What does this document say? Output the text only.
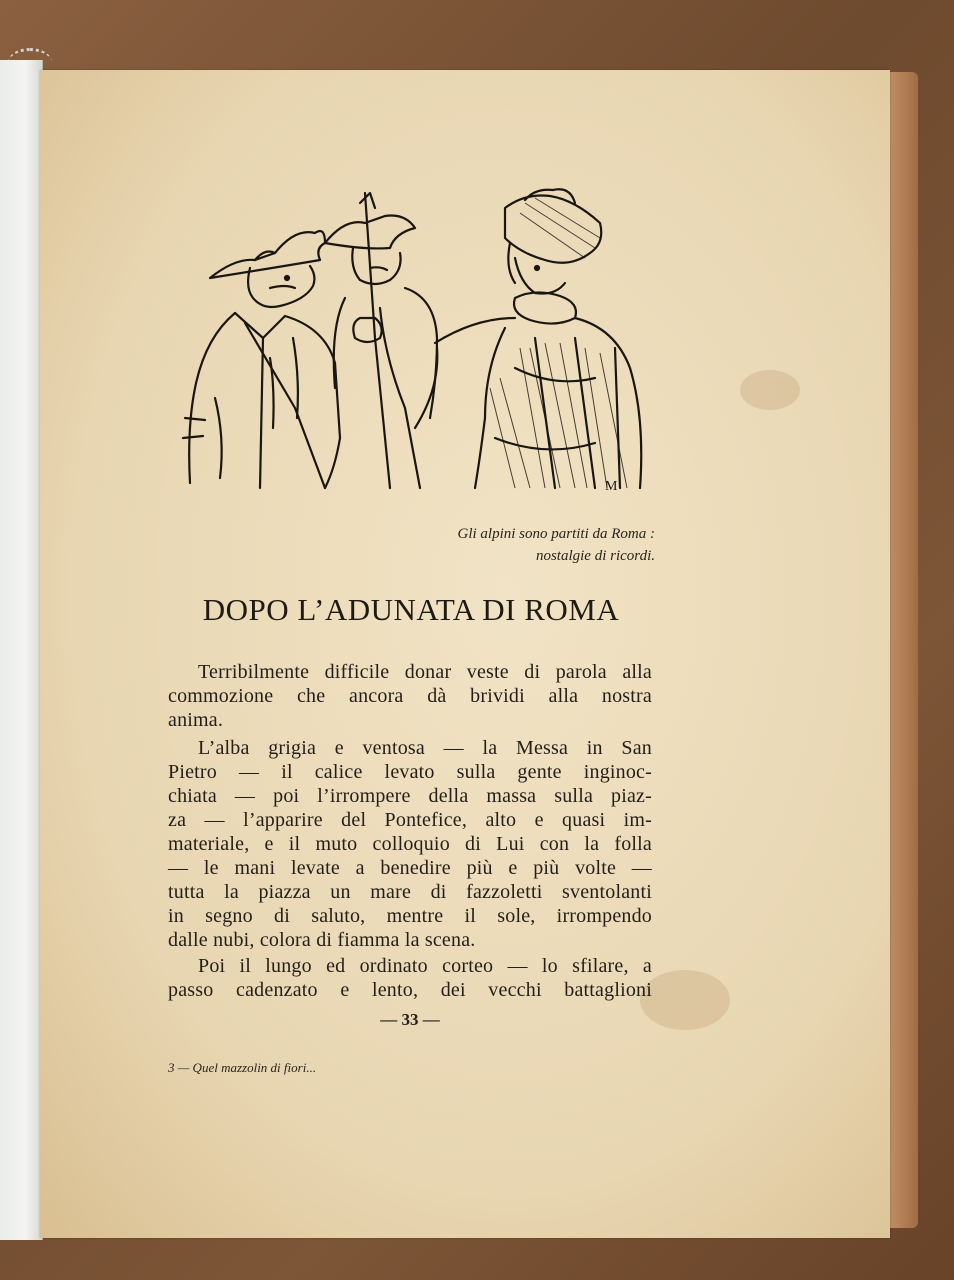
M
Gli alpini sono partiti da Roma :
nostalgie di ricordi.
DOPO L’ADUNATA DI ROMA
Terribilmente difficile donar veste di parola alla
commozione che ancora dà brividi alla nostra
anima.
L’alba grigia e ventosa — la Messa in San
Pietro — il calice levato sulla gente inginoc-
chiata — poi l’irrompere della massa sulla piaz-
za — l’apparire del Pontefice, alto e quasi im-
materiale, e il muto colloquio di Lui con la folla
— le mani levate a benedire più e più volte —
tutta la piazza un mare di fazzoletti sventolanti
in segno di saluto, mentre il sole, irrompendo
dalle nubi, colora di fiamma la scena.
Poi il lungo ed ordinato corteo — lo sfilare, a
passo cadenzato e lento, dei vecchi battaglioni
— 33 —
3 — Quel mazzolin di fiori...
